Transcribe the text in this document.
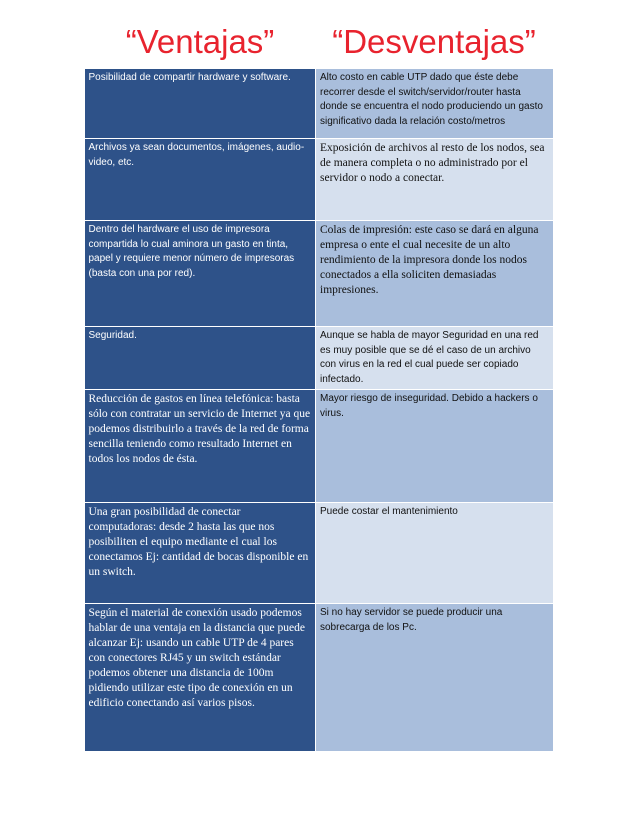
“Ventajas”	“Desventajas”
Posibilidad de compartir hardware y software.	Alto costo en cable UTP dado que éste debe recorrer desde el switch/servidor/router hasta donde se encuentra el nodo produciendo un gasto significativo dada la relación costo/metros
Archivos ya sean documentos, imágenes, audio-video, etc.	Exposición de archivos al resto de los nodos, sea de manera completa o no administrado por el servidor o nodo a conectar.
Dentro del hardware el uso de impresora compartida lo cual aminora un gasto en tinta, papel y requiere menor número de impresoras (basta con una por red).	Colas de impresión: este caso se dará en alguna empresa o ente el cual necesite de un alto rendimiento de la impresora donde los nodos conectados a ella soliciten demasiadas impresiones.
Seguridad.	Aunque se habla de mayor Seguridad en una red es muy posible que se dé el caso de un archivo con virus en la red el cual puede ser copiado infectado.
Reducción de gastos en línea telefónica: basta sólo con contratar un servicio de Internet ya que podemos distribuirlo a través de la red de forma sencilla teniendo como resultado Internet en todos los nodos de ésta.	Mayor riesgo de inseguridad. Debido a hackers o virus.
Una gran posibilidad de conectar computadoras: desde 2 hasta las que nos posibiliten el equipo mediante el cual los conectamos Ej: cantidad de bocas disponible en un switch.	Puede costar el mantenimiento
Según el material de conexión usado podemos hablar de una ventaja en la distancia que puede alcanzar Ej: usando un cable UTP de 4 pares con conectores RJ45 y un switch estándar podemos obtener una distancia de 100m pidiendo utilizar este tipo de conexión en un edificio conectando así varios pisos.	Si no hay servidor se puede producir una sobrecarga de los Pc.
